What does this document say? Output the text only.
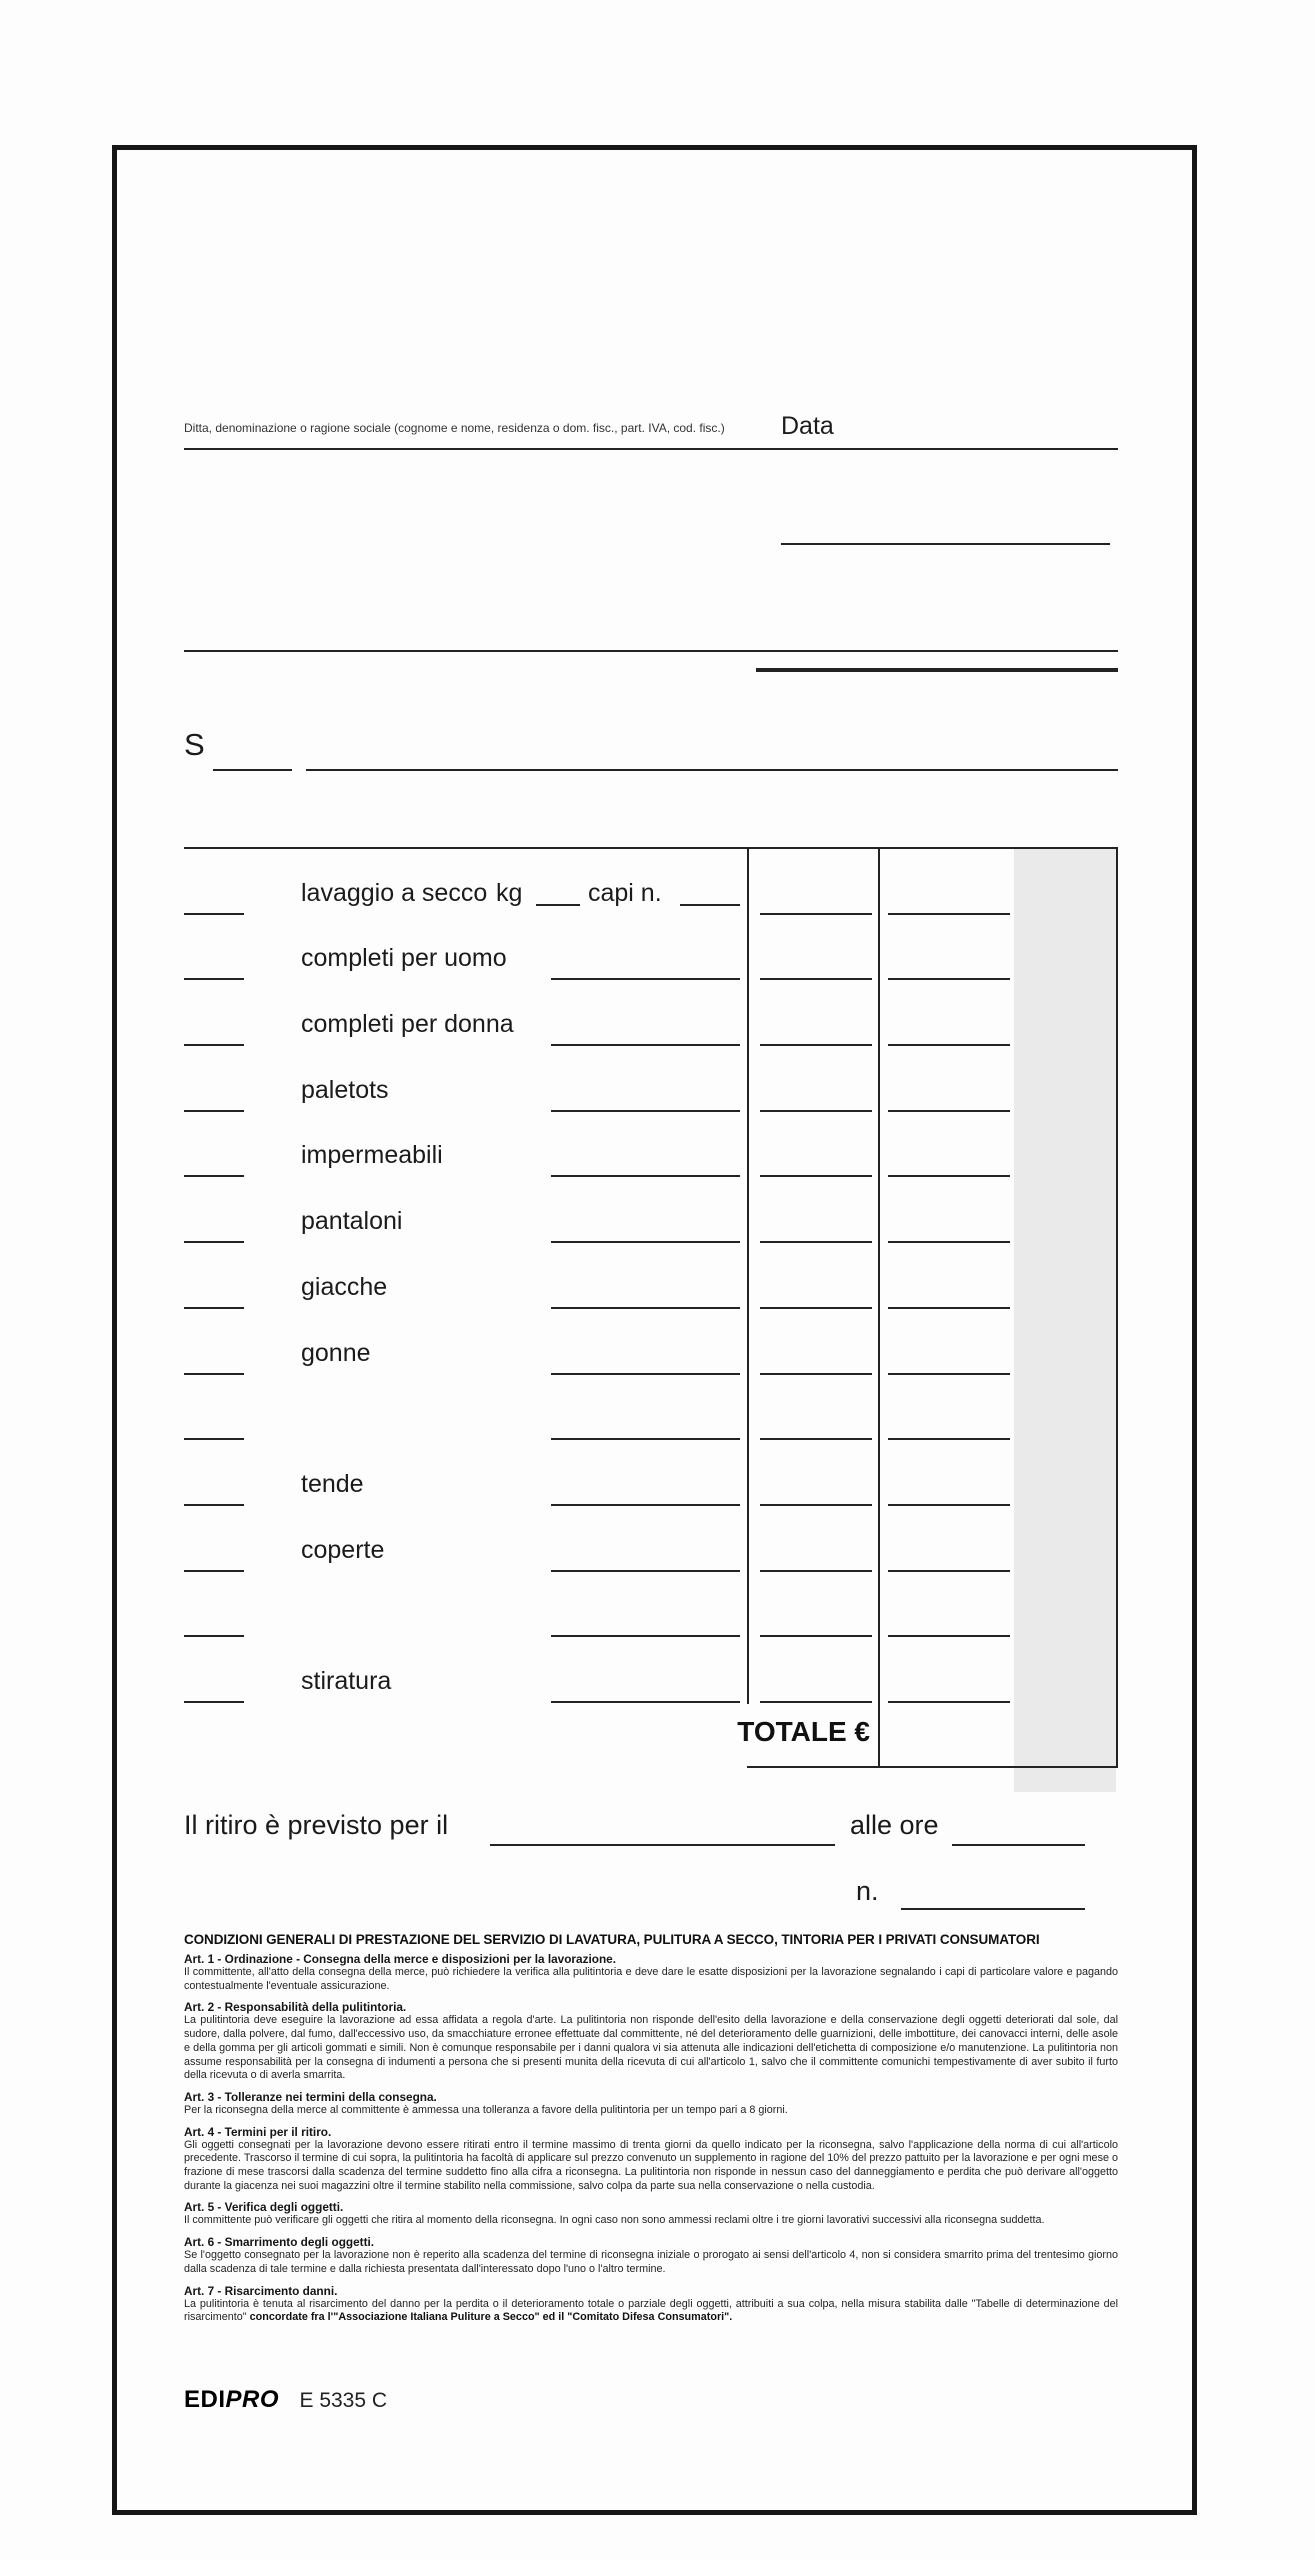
Ditta, denominazione o ragione sociale (cognome e nome, residenza o dom. fisc., part. IVA, cod. fisc.) Data
S
lavaggio a secco kg	capi n.
completi per uomo
completi per donna
paletots
impermeabili
pantaloni
giacche
gonne
tende
coperte
stiratura
TOTALE €
Il ritiro è previsto per il	alle ore
n.
CONDIZIONI GENERALI DI PRESTAZIONE DEL SERVIZIO DI LAVATURA, PULITURA A SECCO, TINTORIA PER I PRIVATI CONSUMATORI
Art. 1 - Ordinazione - Consegna della merce e disposizioni per la lavorazione.
Il committente, all'atto della consegna della merce, può richiedere la verifica alla pulitintoria e deve dare le esatte disposizioni per la lavorazione segnalando i capi di particolare valore e pagando contestualmente l'eventuale assicurazione.
Art. 2 - Responsabilità della pulitintoria.
La pulitintoria deve eseguire la lavorazione ad essa affidata a regola d'arte. La pulitintoria non risponde dell'esito della lavorazione e della conservazione degli oggetti deteriorati dal sole, dal sudore, dalla polvere, dal fumo, dall'eccessivo uso, da smacchiature erronee effettuate dal committente, né del deterioramento delle guarnizioni, delle imbottiture, dei canovacci interni, delle asole e della gomma per gli articoli gommati e simili. Non è comunque responsabile per i danni qualora vi sia attenuta alle indicazioni dell'etichetta di composizione e/o manutenzione. La pulitintoria non assume responsabilità per la consegna di indumenti a persona che si presenti munita della ricevuta di cui all'articolo 1, salvo che il committente comunichi tempestivamente di aver subito il furto della ricevuta o di averla smarrita.
Art. 3 - Tolleranze nei termini della consegna.
Per la riconsegna della merce al committente è ammessa una tolleranza a favore della pulitintoria per un tempo pari a 8 giorni.
Art. 4 - Termini per il ritiro.
Gli oggetti consegnati per la lavorazione devono essere ritirati entro il termine massimo di trenta giorni da quello indicato per la riconsegna, salvo l'applicazione della norma di cui all'articolo precedente. Trascorso il termine di cui sopra, la pulitintoria ha facoltà di applicare sul prezzo convenuto un supplemento in ragione del 10% del prezzo pattuito per la lavorazione e per ogni mese o frazione di mese trascorsi dalla scadenza del termine suddetto fino alla cifra a riconsegna. La pulitintoria non risponde in nessun caso del danneggiamento e perdita che può derivare all'oggetto durante la giacenza nei suoi magazzini oltre il termine stabilito nella commissione, salvo colpa da parte sua nella conservazione o nella custodia.
Art. 5 - Verifica degli oggetti.
Il committente può verificare gli oggetti che ritira al momento della riconsegna. In ogni caso non sono ammessi reclami oltre i tre giorni lavorativi successivi alla riconsegna suddetta.
Art. 6 - Smarrimento degli oggetti.
Se l'oggetto consegnato per la lavorazione non è reperito alla scadenza del termine di riconsegna iniziale o prorogato ai sensi dell'articolo 4, non si considera smarrito prima del trentesimo giorno dalla scadenza di tale termine e dalla richiesta presentata dall'interessato dopo l'uno o l'altro termine.
Art. 7 - Risarcimento danni.
La pulitintoria è tenuta al risarcimento del danno per la perdita o il deterioramento totale o parziale degli oggetti, attribuiti a sua colpa, nella misura stabilita dalle "Tabelle di determinazione del risarcimento" concordate fra l'"Associazione Italiana Puliture a Secco" ed il "Comitato Difesa Consumatori".
EDIPRO E 5335 C
